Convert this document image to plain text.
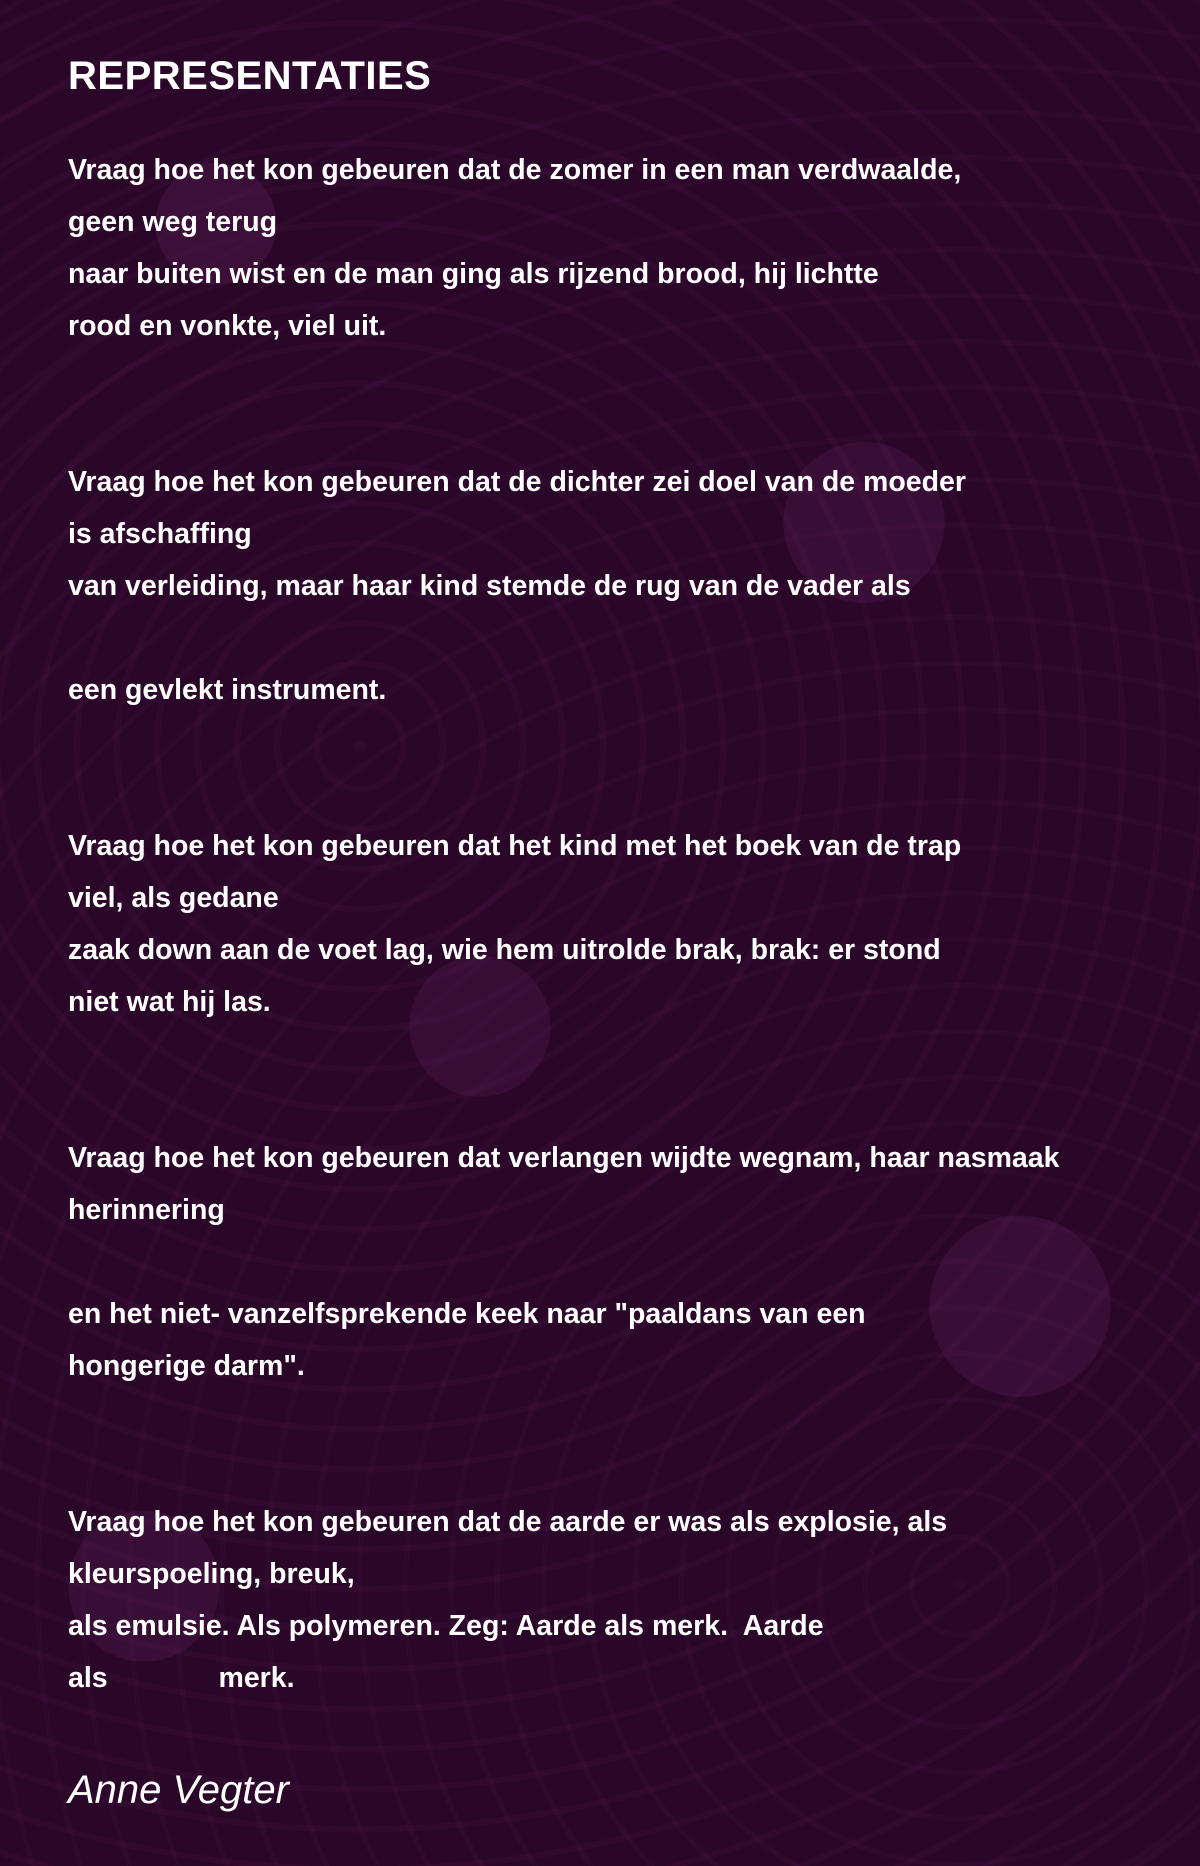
REPRESENTATIES
Vraag hoe het kon gebeuren dat de zomer in een man verdwaalde,
geen weg terug
naar buiten wist en de man ging als rijzend brood, hij lichtte
rood en vonkte, viel uit.
Vraag hoe het kon gebeuren dat de dichter zei doel van de moeder
is afschaffing
van verleiding, maar haar kind stemde de rug van de vader als
een gevlekt instrument.
Vraag hoe het kon gebeuren dat het kind met het boek van de trap
viel, als gedane
zaak down aan de voet lag, wie hem uitrolde brak, brak: er stond
niet wat hij las.
Vraag hoe het kon gebeuren dat verlangen wijdte wegnam, haar nasmaak
herinnering
en het niet- vanzelfsprekende keek naar "paaldans van een
hongerige darm".
Vraag hoe het kon gebeuren dat de aarde er was als explosie, als
kleurspoeling, breuk,
als emulsie. Als polymeren. Zeg: Aarde als merk.  Aarde
als              merk.
Anne Vegter
